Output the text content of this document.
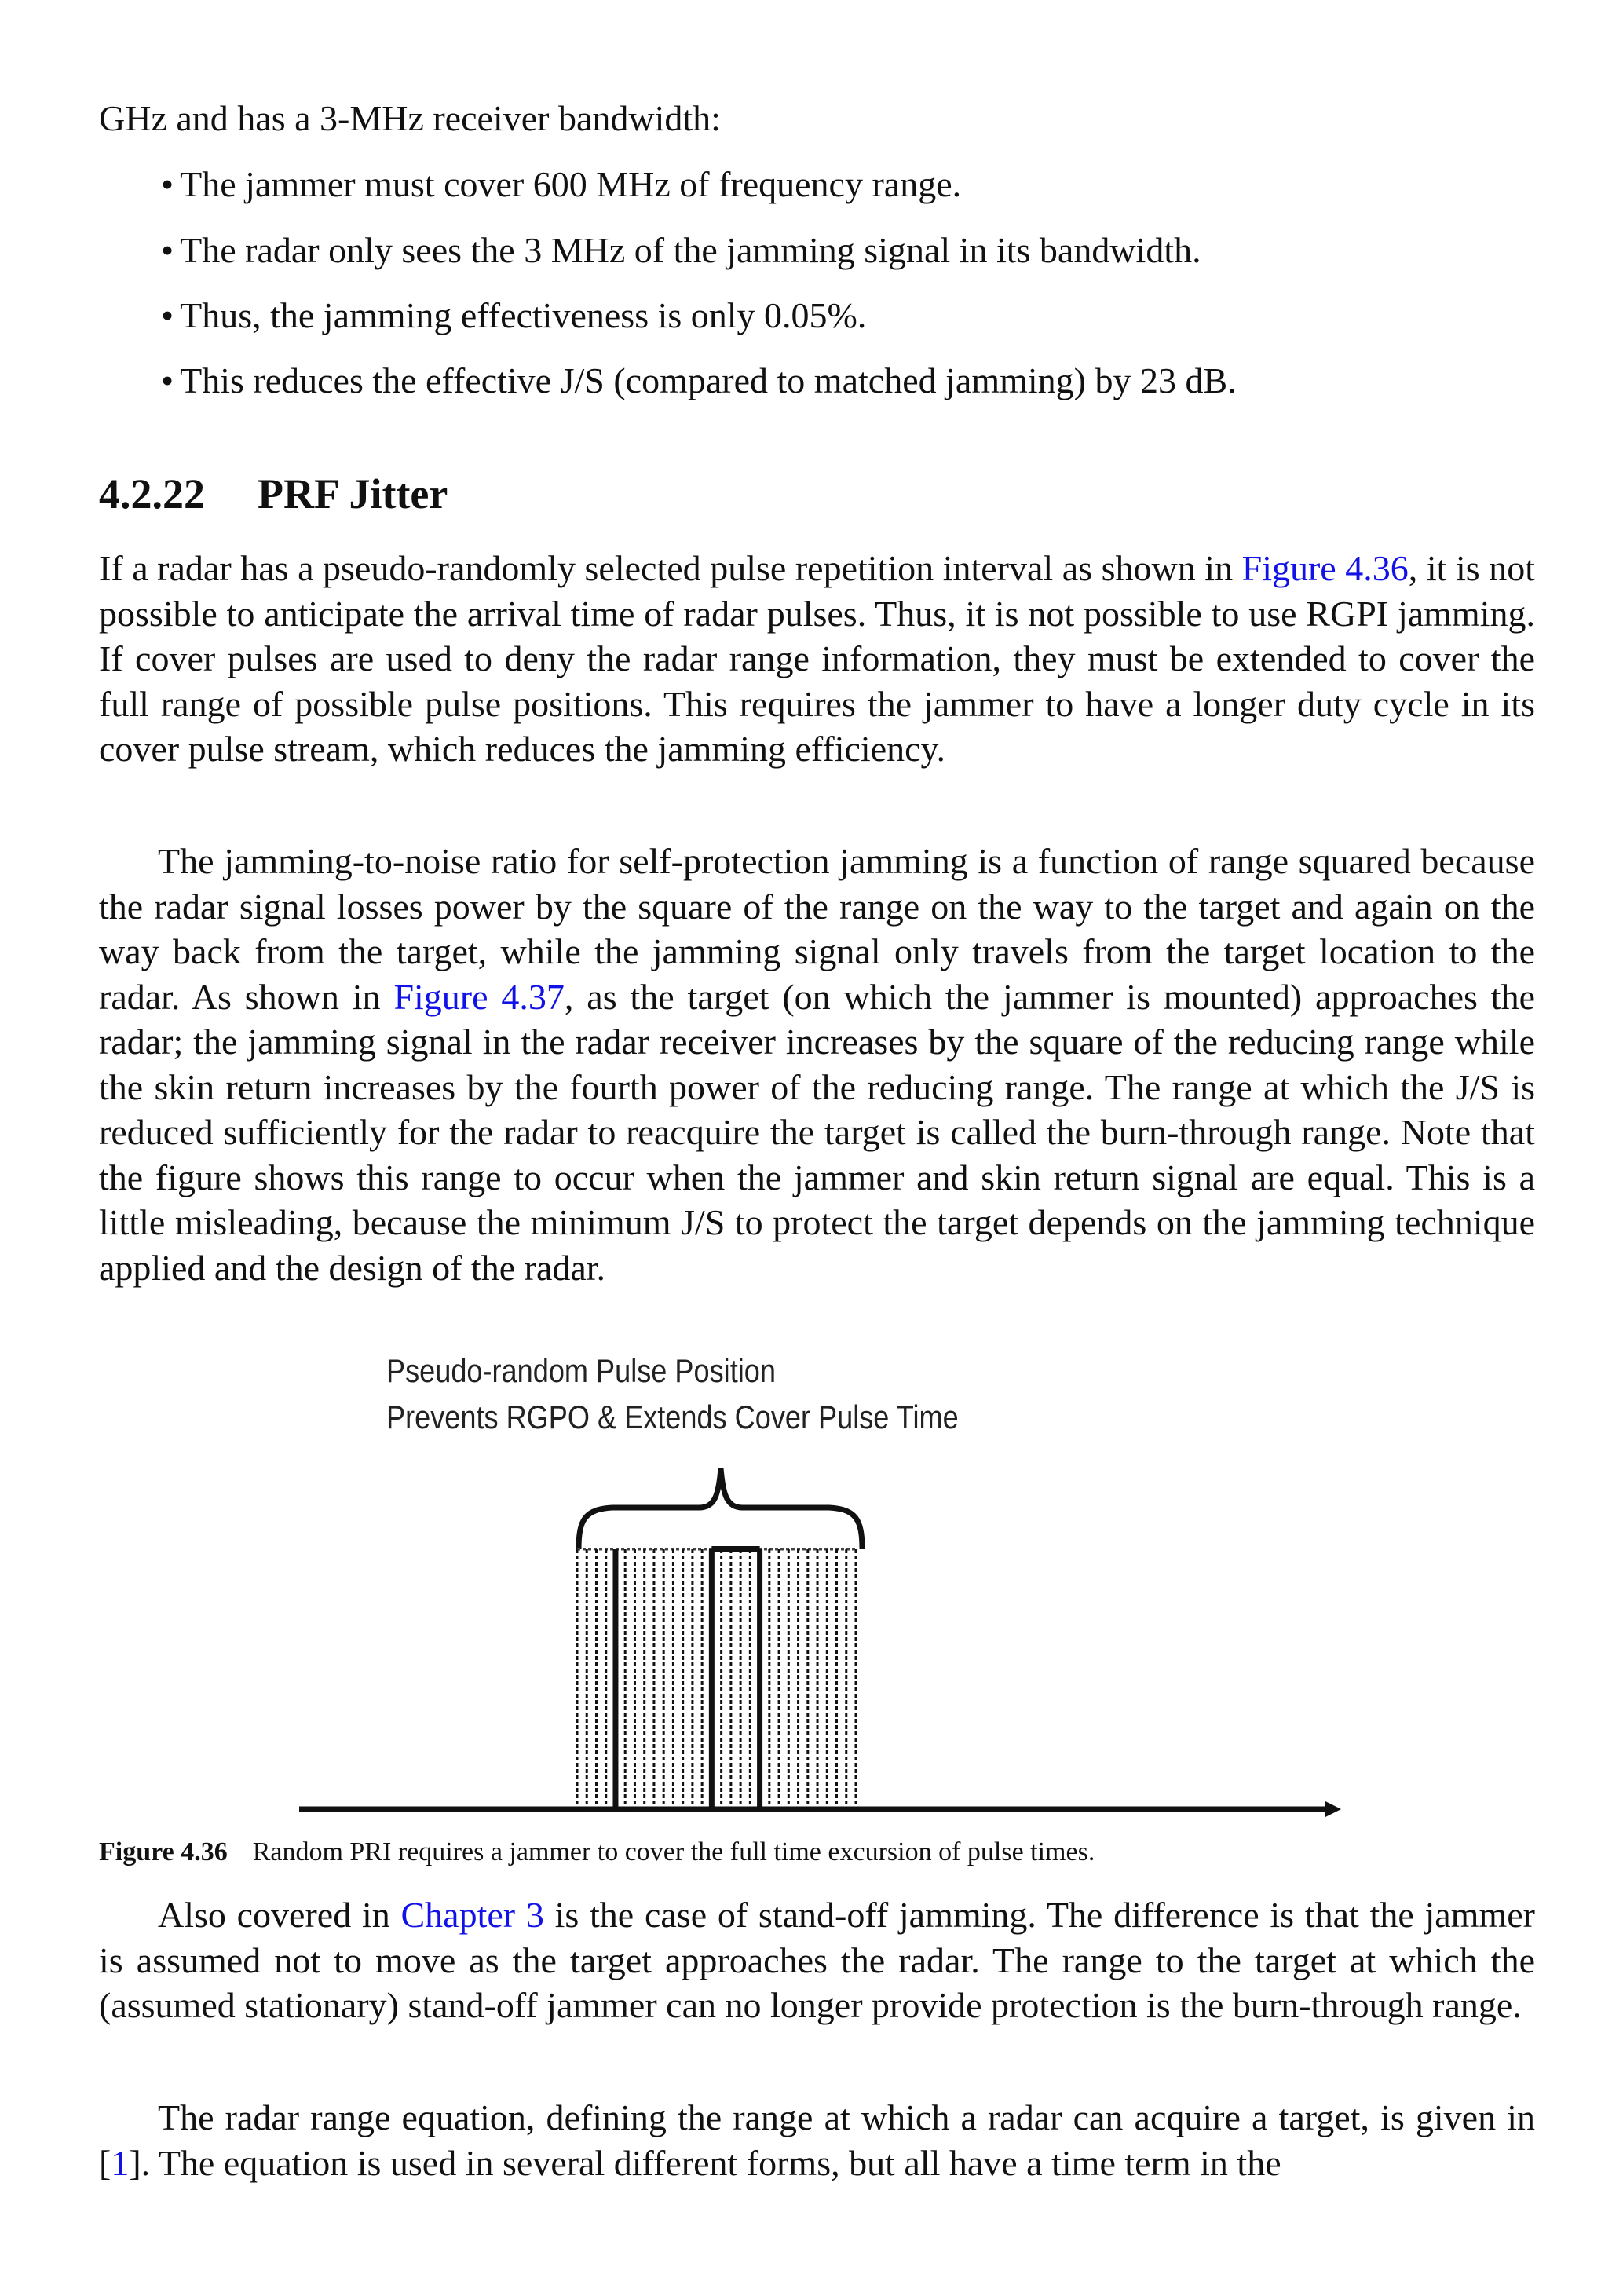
GHz and has a 3-MHz receiver bandwidth:
• The jammer must cover 600 MHz of frequency range.
• The radar only sees the 3 MHz of the jamming signal in its bandwidth.
• Thus, the jamming effectiveness is only 0.05%.
• This reduces the effective J/S (compared to matched jamming) by 23 dB.
4.2.22 PRF Jitter
If a radar has a pseudo-randomly selected pulse repetition interval as shown in Figure 4.36, it is not possible to anticipate the arrival time of radar pulses. Thus, it is not possible to use RGPI jamming. If cover pulses are used to deny the radar range information, they must be extended to cover the full range of possible pulse positions. This requires the jammer to have a longer duty cycle in its cover pulse stream, which reduces the jamming efficiency.
The jamming-to-noise ratio for self-protection jamming is a function of range squared because the radar signal losses power by the square of the range on the way to the target and again on the way back from the target, while the jamming signal only travels from the target location to the radar. As shown in Figure 4.37, as the target (on which the jammer is mounted) approaches the radar; the jamming signal in the radar receiver increases by the square of the reducing range while the skin return increases by the fourth power of the reducing range. The range at which the J/S is reduced sufficiently for the radar to reacquire the target is called the burn-through range. Note that the figure shows this range to occur when the jammer and skin return signal are equal. This is a little misleading, because the minimum J/S to protect the target depends on the jamming technique applied and the design of the radar.
Pseudo-random Pulse Position
Prevents RGPO & Extends Cover Pulse Time
Figure 4.36 Random PRI requires a jammer to cover the full time excursion of pulse times.
Also covered in Chapter 3 is the case of stand-off jamming. The difference is that the jammer is assumed not to move as the target approaches the radar. The range to the target at which the (assumed stationary) stand-off jammer can no longer provide protection is the burn-through range.
The radar range equation, defining the range at which a radar can acquire a target, is given in [1]. The equation is used in several different forms, but all have a time term in the
